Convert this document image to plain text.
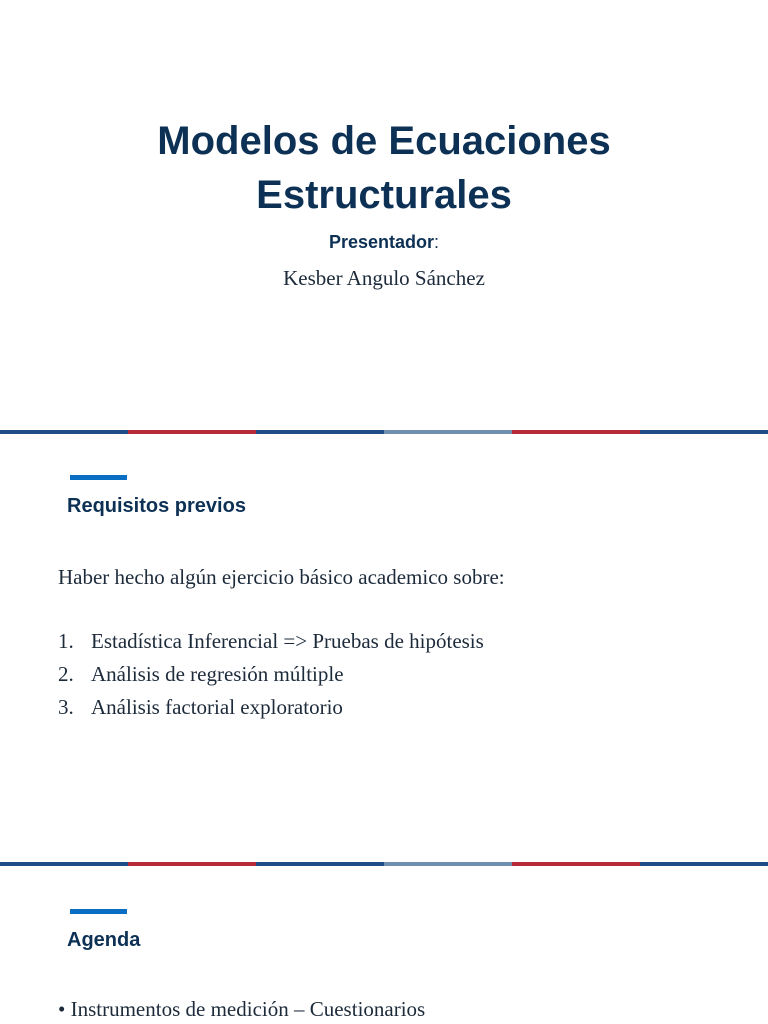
Modelos de Ecuaciones
Estructurales
Presentador:
Kesber Angulo Sánchez
Requisitos previos
Haber hecho algún ejercicio básico academico sobre:
1. Estadística Inferencial => Pruebas de hipótesis
2. Análisis de regresión múltiple
3. Análisis factorial exploratorio
Agenda
• Instrumentos de medición – Cuestionarios
